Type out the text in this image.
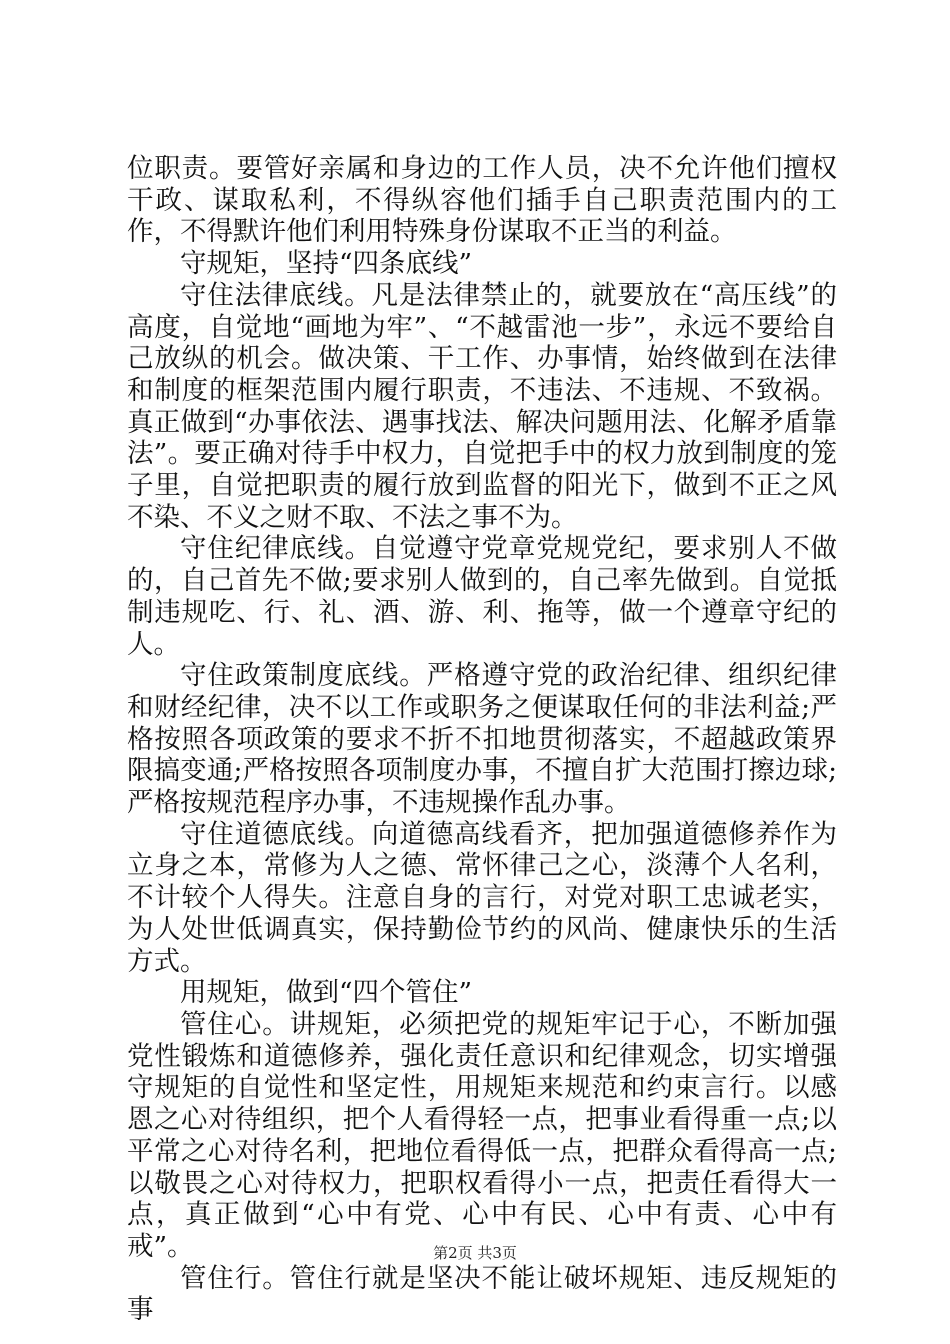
位职责。要管好亲属和身边的工作人员，决不允许他们擅权干政、谋取私利，不得纵容他们插手自己职责范围内的工作，不得默许他们利用特殊身份谋取不正当的利益。

守规矩，坚持“四条底线”

守住法律底线。凡是法律禁止的，就要放在“高压线”的高度，自觉地“画地为牢”、“不越雷池一步”，永远不要给自己放纵的机会。做决策、干工作、办事情，始终做到在法律和制度的框架范围内履行职责，不违法、不违规、不致祸。真正做到“办事依法、遇事找法、解决问题用法、化解矛盾靠法”。要正确对待手中权力，自觉把手中的权力放到制度的笼子里，自觉把职责的履行放到监督的阳光下，做到不正之风不染、不义之财不取、不法之事不为。

守住纪律底线。自觉遵守党章党规党纪，要求别人不做的，自己首先不做;要求别人做到的，自己率先做到。自觉抵制违规吃、行、礼、酒、游、利、拖等，做一个遵章守纪的人。

守住政策制度底线。严格遵守党的政治纪律、组织纪律和财经纪律，决不以工作或职务之便谋取任何的非法利益;严格按照各项政策的要求不折不扣地贯彻落实，不超越政策界限搞变通;严格按照各项制度办事，不擅自扩大范围打擦边球;严格按规范程序办事，不违规操作乱办事。

守住道德底线。向道德高线看齐，把加强道德修养作为立身之本，常修为人之德、常怀律己之心，淡薄个人名利，不计较个人得失。注意自身的言行，对党对职工忠诚老实，为人处世低调真实，保持勤俭节约的风尚、健康快乐的生活方式。

用规矩，做到“四个管住”

管住心。讲规矩，必须把党的规矩牢记于心，不断加强党性锻炼和道德修养，强化责任意识和纪律观念，切实增强守规矩的自觉性和坚定性，用规矩来规范和约束言行。以感恩之心对待组织，把个人看得轻一点，把事业看得重一点;以平常之心对待名利，把地位看得低一点，把群众看得高一点;以敬畏之心对待权力，把职权看得小一点，把责任看得大一点，真正做到“心中有党、心中有民、心中有责、心中有戒”。

管住行。管住行就是坚决不能让破坏规矩、违反规矩的事

第2页 共3页
